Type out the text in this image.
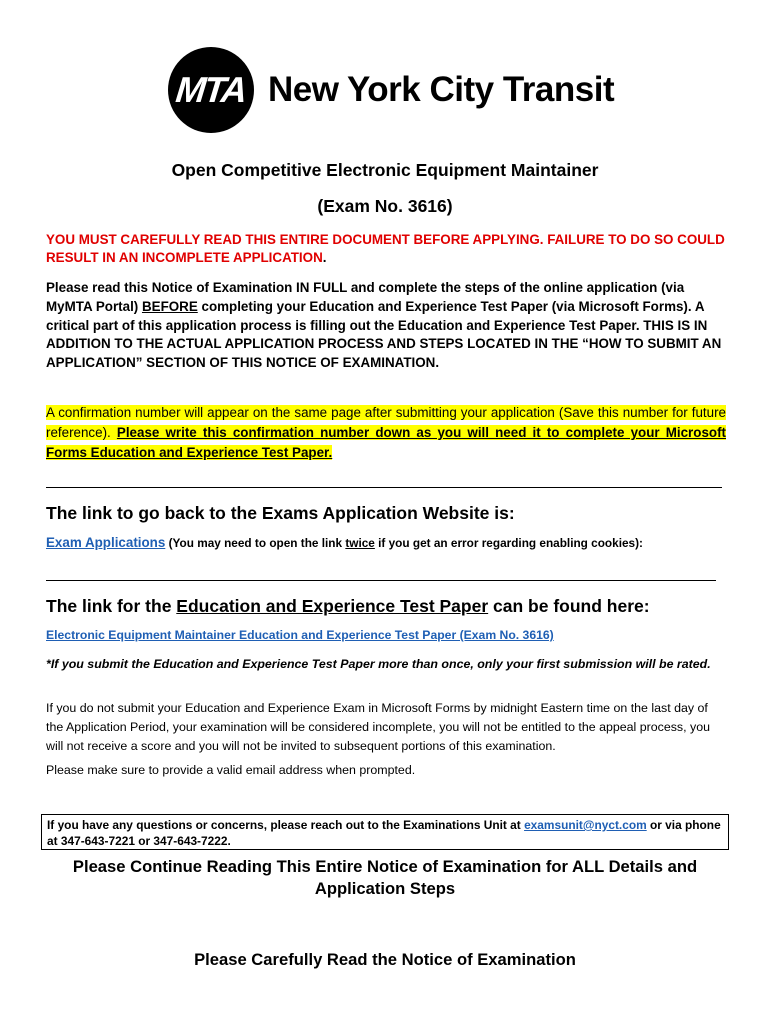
MTA New York City Transit
Open Competitive Electronic Equipment Maintainer
(Exam No. 3616)
YOU MUST CAREFULLY READ THIS ENTIRE DOCUMENT BEFORE APPLYING. FAILURE TO DO SO COULD RESULT IN AN INCOMPLETE APPLICATION.
Please read this Notice of Examination IN FULL and complete the steps of the online application (via MyMTA Portal) BEFORE completing your Education and Experience Test Paper (via Microsoft Forms). A critical part of this application process is filling out the Education and Experience Test Paper. THIS IS IN ADDITION TO THE ACTUAL APPLICATION PROCESS AND STEPS LOCATED IN THE “HOW TO SUBMIT AN APPLICATION” SECTION OF THIS NOTICE OF EXAMINATION.
A confirmation number will appear on the same page after submitting your application (Save this number for future reference). Please write this confirmation number down as you will need it to complete your Microsoft Forms Education and Experience Test Paper.
The link to go back to the Exams Application Website is:
Exam Applications (You may need to open the link twice if you get an error regarding enabling cookies):
The link for the Education and Experience Test Paper can be found here:
Electronic Equipment Maintainer Education and Experience Test Paper (Exam No. 3616)
*If you submit the Education and Experience Test Paper more than once, only your first submission will be rated.
If you do not submit your Education and Experience Exam in Microsoft Forms by midnight Eastern time on the last day of the Application Period, your examination will be considered incomplete, you will not be entitled to the appeal process, you will not receive a score and you will not be invited to subsequent portions of this examination.
Please make sure to provide a valid email address when prompted.
If you have any questions or concerns, please reach out to the Examinations Unit at examsunit@nyct.com or via phone at 347-643-7221 or 347-643-7222.
Please Continue Reading This Entire Notice of Examination for ALL Details and Application Steps
Please Carefully Read the Notice of Examination
